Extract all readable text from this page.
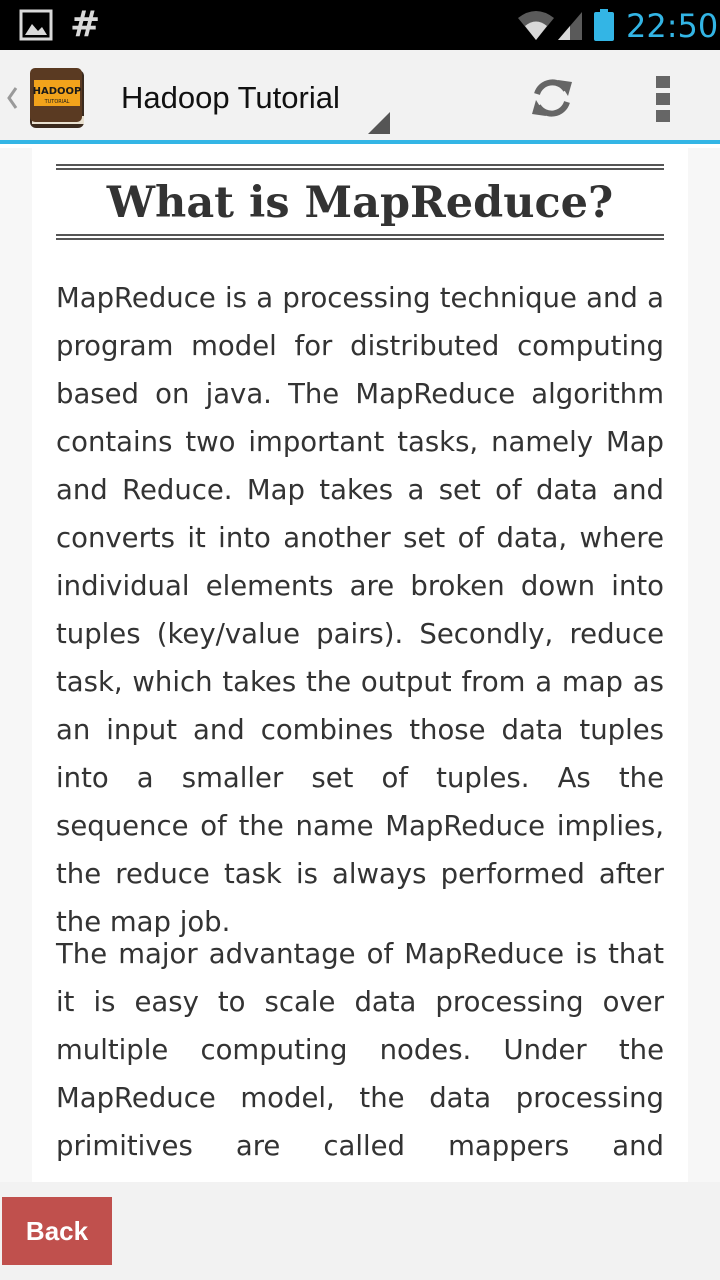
#	22:50
HADOOP
TUTORIAL Hadoop Tutorial
What is MapReduce?

MapReduce is a processing technique and a program model for distributed computing based on java. The MapReduce algorithm contains two important tasks, namely Map and Reduce. Map takes a set of data and converts it into another set of data, where individual elements are broken down into tuples (key/value pairs). Secondly, reduce task, which takes the output from a map as an input and combines those data tuples into a smaller set of tuples. As the sequence of the name MapReduce implies, the reduce task is always performed after the map job.

The major advantage of MapReduce is that it is easy to scale data processing over multiple computing nodes. Under the MapReduce model, the data processing primitives are called mappers and

Back
